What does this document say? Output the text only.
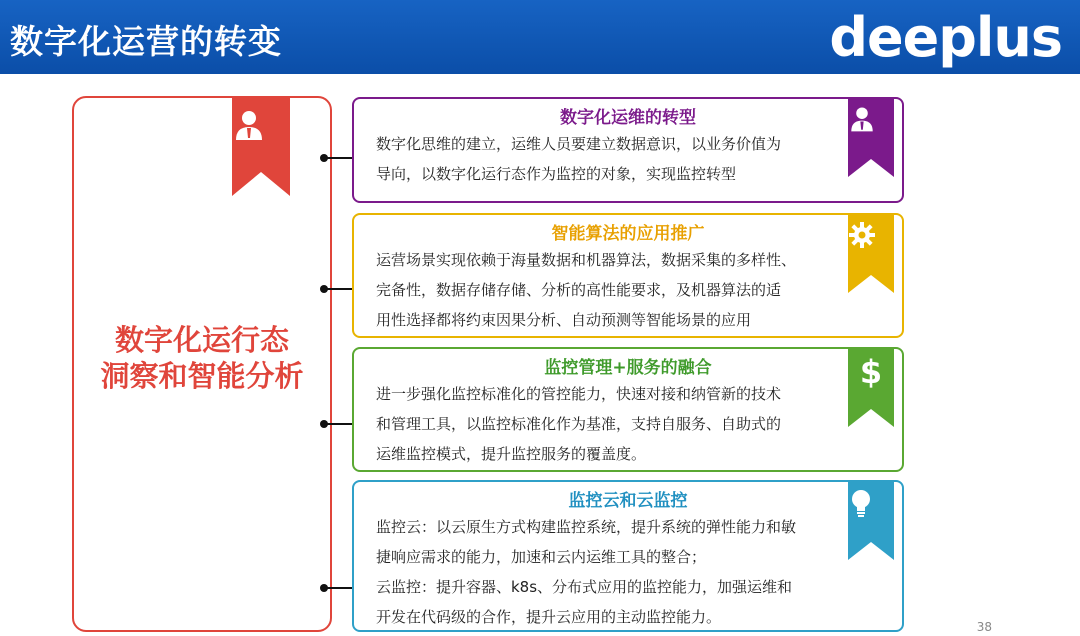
数字化运营的转变	deeplus
数字化运行态
洞察和智能分析
数字化运维的转型
数字化思维的建立，运维人员要建立数据意识，以业务价值为
导向，以数字化运行态作为监控的对象，实现监控转型
智能算法的应用推广
运营场景实现依赖于海量数据和机器算法，数据采集的多样性、
完备性，数据存储存储、分析的高性能要求，及机器算法的适
用性选择都将约束因果分析、自动预测等智能场景的应用
监控管理+服务的融合
进一步强化监控标准化的管控能力，快速对接和纳管新的技术
和管理工具，以监控标准化作为基准，支持自服务、自助式的
运维监控模式，提升监控服务的覆盖度。
$
监控云和云监控
监控云：以云原生方式构建监控系统，提升系统的弹性能力和敏
捷响应需求的能力，加速和云内运维工具的整合；
云监控：提升容器、k8s、分布式应用的监控能力，加强运维和
开发在代码级的合作，提升云应用的主动监控能力。
38
